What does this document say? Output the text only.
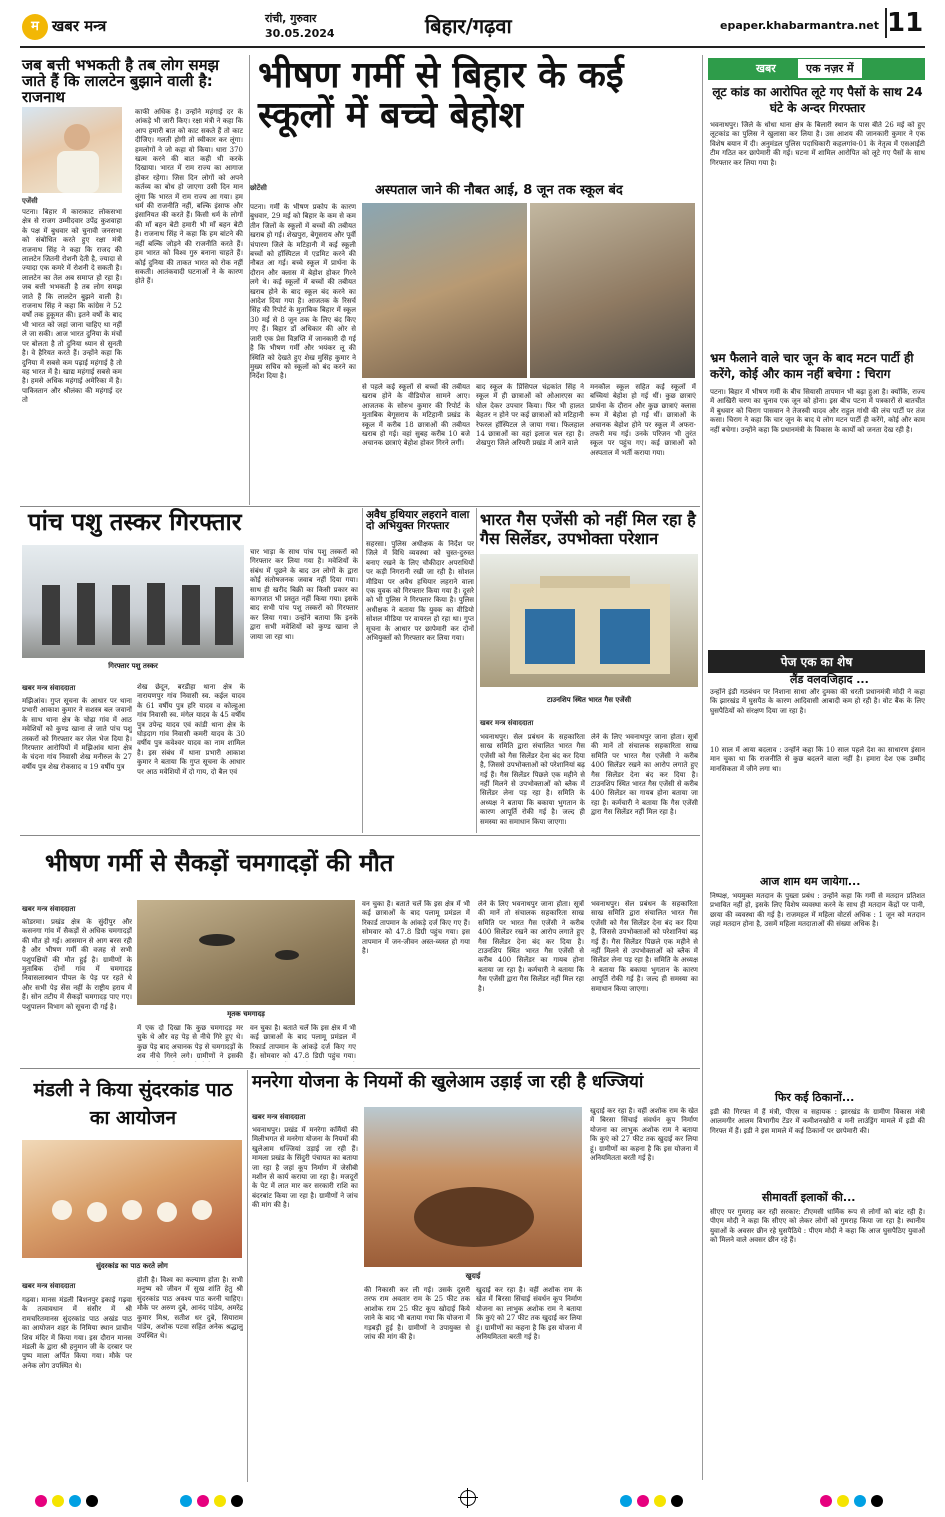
म खबर मन्त्र	रांची, गुरुवार
30.05.2024	बिहार/गढ़वा	epaper.khabarmantra.net 11
जब बत्ती भभकती है तब लोग समझ जाते हैं कि लालटेन बुझाने वाली है: राजनाथ
एजेंसी
पटना। बिहार में काराकाट लोकसभा क्षेत्र से राजग उम्मीदवार उपेंद्र कुशवाहा के पक्ष में बुधवार को चुनावी जनसभा को संबोधित करते हुए रक्षा मंत्री राजनाथ सिंह ने कहा कि राजद की लालटेन जितनी रोशनी देती है, ज्यादा से ज्यादा एक कमरे में रोशनी दे सकती है। लालटेन का तेल अब समाप्त हो रहा है। जब बत्ती भभकती है तब लोग समझ जाते हैं कि लालटेन बुझने वाली है। राजनाथ सिंह ने कहा कि कांग्रेस ने 52 वर्षों तक हुकूमत की। इतने वर्षों के बाद भी भारत को जहां जाना चाहिए था नहीं ले जा सकी। आज भारत दुनिया के मंचों पर बोलता है तो दुनिया ध्यान से सुनती है। वे हैरियत करते हैं। उन्होंने कहा कि दुनिया में सबसे कम पढ़ाई महंगाई है तो वह भारत में है। खाद्य महंगाई सबसे कम है। हमसे अधिक महंगाई अमेरिका में है। पाकिस्तान और श्रीलंका की महंगाई दर तो
काफी अधिक है। उन्होंने महंगाई दर के आंकड़े भी जारी किए। रक्षा मंत्री ने कहा कि आप हमारी बात को काट सकते हैं तो काट दीजिए। गलती होगी तो स्वीकार कर लूंगा। हमलोगों ने जो कहा वो किया। धारा 370 खत्म करने की बात कही थी करके दिखाया। भारत में राम राज्य का आगाज होकर रहेगा। जिस दिन लोगों को अपने कर्तव्य का बोध हो जाएगा उसी दिन मान लूंगा कि भारत में राम राज्य आ गया। हम धर्म की राजनीति नहीं, बल्कि इंसाफ और इंसानियत की करते हैं। किसी धर्म के लोगों की माँ बहन बेटी हमारी भी माँ बहन बेटी है। राजनाथ सिंह ने कहा कि हम बांटने की नहीं बल्कि जोड़ने की राजनीति करते हैं। हम भारत को विश्व गुरु बनाना चाहते हैं। कोई दुनिया की ताकत भारत को रोक नहीं सकती। आतंकवादी घटनाओं ने के कारण होते हैं।
भीषण गर्मी से बिहार के कई स्कूलों में बच्चे बेहोश
अस्पताल जाने की नौबत आई, 8 जून तक स्कूल बंद
छोटेंसी
पटना। गर्मी के भीषण प्रकोप के कारण बुधवार, 29 मई को बिहार के कम से कम तीन जिलों के स्कूलों में बच्चों की तबीयत खराब हो गई। शेखपुरा, बेगूसराय और पूर्वी चंपारण जिले के मटिहानी में कई स्कूली बच्चों को हॉस्पिटल में एडमिट करने की नौबत आ गई। बच्चे स्कूल में प्रार्थना के दौरान और क्लास में बेहोश होकर गिरने लगे थे। कई स्कूलों में बच्चों की तबीयत खराब होने के बाद स्कूल बंद करने का आदेश दिया गया है। आजतक के रिसर्च सिंह की रिपोर्ट के मुताबिक बिहार में स्कूल 30 मई से 8 जून तक के लिए बंद किए गए हैं। बिहार डॉ अधिकार की ओर से जारी एक प्रेस विज्ञप्ति में जानकारी दी गई है कि भीषण गर्मी और भयंकर लू की स्थिति को देखते हुए शेख मुसिंह कुमार ने मुख्य सचिव को स्कूलों को बंद करने का निर्देश दिया है।
से पहले कई स्कूलों से बच्चों की तबीयत खराब होने के वीडियोज सामने आए। आजतक के सोरुभ कुमार की रिपोर्ट के मुताबिक बेगूसराय के मटिहानी प्रखंड के स्कूल में करीब 18 छात्राओं की तबीयत खराब हो गई। वहां सुबह करीब 10 बजे अचानक छात्राएं बेहोश होकर गिरने लगीं।
बाद स्कूल के प्रिंसिपल चंद्रकांत सिंह ने स्कूल में ही छात्राओं को ओआरएस का घोल देकर उपचार किया। फिर भी हालत बेहतर न होने पर कई छात्राओं को मटिहानी रेफरल हॉस्पिटल ले जाया गया। फिलहाल 14 छात्राओं का वहां इलाज चल रहा है। शेखपुरा जिले अरियरी प्रखंड में आने वाले
मनकौल स्कूल सहित कई स्कूलों में बच्चियां बेहोश हो गई थीं। कुछ छात्राएं प्रार्थना के दौरान और कुछ छात्राएं क्लास रूम में बेहोश हो गई थीं। छात्राओं के अचानक बेहोश होने पर स्कूल में अफरा-तफरी मच गई। उनके परिजन भी तुरंत स्कूल पर पहुंच गए। कई छात्राओं को अस्पताल में भर्ती कराया गया।
पांच पशु तस्कर गिरफ्तार
गिरफ्तार पशु तस्कर
खबर मन्त्र संवाददाता
मझिआंव। गुप्त सूचना के आधार पर थाना प्रभारी आकाश कुमार ने सशस्त्र बल जवानों के साथ थाना क्षेत्र के चोढ़ा गांव में आठ मवेशियों को कुण्ड खाना ले जाते पांच पशु तस्करों को गिरफ्तार कर जेल भेज दिया है। गिरफ्तार आरोपियों में मझिआंव थाना क्षेत्र के चंदना गांव निवासी शेख मनीरुल के 27 वर्षीय पुत्र शेख रोकसाद व 19 वर्षीय पुत्र
शेख छेदून, बरडीहा थाना क्षेत्र के नारायणपुर गांव निवासी स्व. कईल यादव के 61 वर्षीय पुत्र हरि यादव व कोल्हुआ गांव निवासी स्व. मंगेल यादव के 45 वर्षीय पुत्र उपेन्द्र यादव एवं कांडी थाना क्षेत्र के घोड़दाग गांव निवासी कमरी यादव के 30 वर्षीय पुत्र कवेश्वर यादव का नाम शामिल है। इस संबंध में थाना प्रभारी आकाश कुमार ने बताया कि गुप्त सूचना के आधार पर आठ मवेशियों में दो गाय, दो बैल एवं
चार भाड़ा के साथ पांच पशु तस्करों को गिरफ्तार कर लिया गया है। मवेशियों के संबंध में पूछने के बाद उन लोगों के द्वारा कोई संतोषजनक जवाब नहीं दिया गया। साथ ही खरीद बिक्री का किसी प्रकार का कागजात भी प्रस्तुत नहीं किया गया। इसके बाद सभी पांच पशु तस्करों को गिरफ्तार कर लिया गया। उन्होंने बताया कि इनके द्वारा सभी मवेशियों को कुण्ड खाना ले जाया जा रहा था।
अवैध हथियार लहराने वाला दो अभियुक्त गिरफ्तार
सहरसा। पुलिस अधीक्षक के निर्देश पर जिले में विधि व्यवस्था को चुस्त-दुरुस्त बनाए रखने के लिए चौकीदार अपराधियों पर कड़ी निगरानी रखी जा रही है। सोशल मीडिया पर अवैध हथियार लहराने वाला एक युवक को गिरफ्तार किया गया है। दूसरे को भी पुलिस ने गिरफ्तार किया है। पुलिस अधीक्षक ने बताया कि युवक का वीडियो सोशल मीडिया पर वायरल हो रहा था। गुप्त सूचना के आधार पर छापेमारी कर दोनों अभियुक्तों को गिरफ्तार कर लिया गया।
भारत गैस एजेंसी को नहीं मिल रहा है गैस सिलेंडर, उपभोक्ता परेशान
टाउनशिप स्थित भारत गैस एजेंसी
खबर मन्त्र संवाददाता
भवनाथपुर। सेल प्रबंधन के सहकारिता साख समिति द्वारा संचालित भारत गैस एजेंसी को गैस सिलेंडर देना बंद कर दिया है, जिससे उपभोक्ताओं को परेशानियां बढ़ गई हैं। गैस सिलेंडर पिछले एक महीने से नहीं मिलने से उपभोक्ताओं को ब्लैक में सिलेंडर लेना पड़ रहा है। समिति के अध्यक्ष ने बताया कि बकाया भुगतान के कारण आपूर्ति रोकी गई है। जल्द ही समस्या का समाधान किया जाएगा।
लेने के लिए भवनाथपुर जाना होता। सूत्रों की मानें तो संचालक सहकारिता साख समिति पर भारत गैस एजेंसी ने करीब 400 सिलेंडर रखने का आरोप लगाते हुए गैस सिलेंडर देना बंद कर दिया है। टाउनशिप स्थित भारत गैस एजेंसी से करीब 400 सिलेंडर का गायब होना बताया जा रहा है। कर्मचारी ने बताया कि गैस एजेंसी द्वारा गैस सिलेंडर नहीं मिल रहा है।
भीषण गर्मी से सैकड़ों चमगादड़ों की मौत
खबर मन्त्र संवाददाता
कोडरमा। प्रखंड क्षेत्र के सुंदीपुर और कसनगा गांव में सैकड़ों से अधिक चमगादड़ों की मौत हो गई। आसमान से आग बरस रही है और भीषण गर्मी की वजह से सभी पशुपक्षियों की मौत हुई है। ग्रामीणों के मुताबिक दोनों गांव में चमगादड़ निवासलास्थान पीपल के पेड़ पर रहते थे और सभी पेड़ सेंस नहीं के राष्ट्रीय हराय में हैं। सोन तटीय में सैकड़ों चमगादड़ पाए गए। पशुपालन विभाग को सूचना दी गई है।
मृतक चमगादड़
में एक दो दिखा कि कुछ चमगादड़ मर चुके थे और वह पेड़ से नीचे गिरे हुए थे। कुछ पेड़ बाद अचानक पेड़ से चमगादड़ों के शव नीचे गिरने लगे। ग्रामीणों ने इसकी
वन चुका है। बताते चलें कि इस क्षेत्र में भी कई छात्राओं के बाद पलामू प्रमंडल में रिकार्ड तापमान के आंकड़े दर्ज किए गए हैं। सोमवार को 47.8 डिग्री पहुंच गया।
वन चुका है। बताते चलें कि इस क्षेत्र में भी कई छात्राओं के बाद पलामू प्रमंडल में रिकार्ड तापमान के आंकड़े दर्ज किए गए हैं। सोमवार को 47.8 डिग्री पहुंच गया। इस तापमान में जन-जीवन अस्त-व्यस्त हो गया है।
लेने के लिए भवनाथपुर जाना होता। सूत्रों की मानें तो संचालक सहकारिता साख समिति पर भारत गैस एजेंसी ने करीब 400 सिलेंडर रखने का आरोप लगाते हुए गैस सिलेंडर देना बंद कर दिया है। टाउनशिप स्थित भारत गैस एजेंसी से करीब 400 सिलेंडर का गायब होना बताया जा रहा है। कर्मचारी ने बताया कि गैस एजेंसी द्वारा गैस सिलेंडर नहीं मिल रहा है।
भवनाथपुर। सेल प्रबंधन के सहकारिता साख समिति द्वारा संचालित भारत गैस एजेंसी को गैस सिलेंडर देना बंद कर दिया है, जिससे उपभोक्ताओं को परेशानियां बढ़ गई हैं। गैस सिलेंडर पिछले एक महीने से नहीं मिलने से उपभोक्ताओं को ब्लैक में सिलेंडर लेना पड़ रहा है। समिति के अध्यक्ष ने बताया कि बकाया भुगतान के कारण आपूर्ति रोकी गई है। जल्द ही समस्या का समाधान किया जाएगा।
मंडली ने किया सुंदरकांड पाठ का आयोजन
सुंदरकांड का पाठ करते लोग
खबर मन्त्र संवाददाता
गढ़वा। मानस मंडली बिशनपुर इकाई गढ़वा के तत्वावधान में संसीर में श्री रामचरितमानस सुंदरकांड पाठ अखंड पाठ का आयोजन शहर के निमिया स्थान प्राचीन शिव मंदिर में किया गया। इस दौरान मानस मंडली के द्वारा श्री हनुमान जी के दरबार पर पुष्प माला अर्पित किया गया। मौके पर अनेक लोग उपस्थित थे।
होती है। विश्व का कल्याण होता है। सभी मनुष्य को जीवन में सुख शांति हेतु श्री सुंदरकांड पाठ अवश्य पाठ करनी चाहिए। मौके पर अरुण दुबे, आनंद पांडेय, अमरेंद्र कुमार मिश्र, सतीश धर दुबे, सियाराम पांडेय, अशोक पटवा सहित अनेक श्रद्धालु उपस्थित थे।
मनरेगा योजना के नियमों की खुलेआम उड़ाई जा रही है धज्जियां
खबर मन्त्र संवाददाता
भवनाथपुर। प्रखंड में मनरेगा कर्मियों की मिलीभगत से मनरेगा योजना के नियमों की खुलेआम धज्जियां उड़ाई जा रही हैं। मामला प्रखंड के सिंदुरी पंचायत का बताया जा रहा है जहां कूप निर्माण में जेसीबी मशीन से कार्य कराया जा रहा है। मजदूरों के पेट में लात मार कर सरकारी राशि का बंदरबांट किया जा रहा है। ग्रामीणों ने जांच की मांग की है।
खुदाई
की निकासी कर ली गई। उसके दूसरी तरफ राम अवतार राम के 25 फीट तक आशोक राम 25 फीट कूप खोदाई किये जाने के बाद भी बताया गया कि योजना में गड़बड़ी हुई है। ग्रामीणों ने उपायुक्त से जांच की मांग की है।
खुदाई कर रहा है। वहीं अशोक राम के खेत में बिरसा सिंचाई संवर्धन कूप निर्माण योजना का लाभुक अशोक राम ने बताया कि कुएं को 27 फीट तक खुदाई कर लिया हूं। ग्रामीणों का कहना है कि इस योजना में अनियमितता बरती गई है।
खुदाई कर रहा है। वहीं अशोक राम के खेत में बिरसा सिंचाई संवर्धन कूप निर्माण योजना का लाभुक अशोक राम ने बताया कि कुएं को 27 फीट तक खुदाई कर लिया हूं। ग्रामीणों का कहना है कि इस योजना में अनियमितता बरती गई है।
खबर	एक नज़र में
लूट कांड का आरोपित लूटे गए पैसों के साथ 24 घंटे के अन्दर गिरफ्तार
भवनाथपुर। जिले के धोधा थाना क्षेत्र के बिलारी स्थान के पास बीते 26 मई को हुए लूटकांड का पुलिस ने खुलासा कर लिया है। उस आशय की जानकारी कुमार ने एक विशेष बयान में दी। अनुमंडल पुलिस पदाधिकारी कहलगांव-01 के नेतृत्व में एसआईटी टीम गठित कर छापेमारी की गई। घटना में शामिल आरोपित को लूटे गए पैसों के साथ गिरफ्तार कर लिया गया है।
भ्रम फैलाने वाले चार जून के बाद मटन पार्टी ही करेंगे, कोई और काम नहीं बचेगा : चिराग
पटना। बिहार में भीषण गर्मी के बीच सियासी तापमान भी बढ़ा हुआ है। क्योंकि, राज्य में आखिरी चरण का चुनाव एक जून को होना। इस बीच पटना में पत्रकारों से बातचीत में बुधवार को चिराग पासवान ने तेजस्वी यादव और राहुल गांधी की लंच पार्टी पर तंज कसा। चिराग ने कहा कि चार जून के बाद ये लोग मटन पार्टी ही करेंगे, कोई और काम नहीं बचेगा। उन्होंने कहा कि प्रधानमंत्री के विकास के कार्यों को जनता देख रही है।
पेज एक का शेष
लैंड वलवजिहाद ...
उन्होंने इंडी गठबंधन पर निशाना साधा और दुमका की धरती प्रधानमंत्री मोदी ने कहा कि झारखंड में घुसपैठ के कारण आदिवासी आबादी कम हो रही है। वोट बैंक के लिए घुसपैठियों को संरक्षण दिया जा रहा है।
10 साल में आया बदलाव : उन्होंने कहा कि 10 साल पहले देश का साधारण इंसान मान चुका था कि राजनीति से कुछ बदलने वाला नहीं है। हमारा देश एक उम्मीद मानसिकता में जीने लगा था।
आज शाम थम जायेगा...
निष्पक्ष, भयमुक्त मतदान के पुख्ता प्रबंध : उन्होंने कहा कि गर्मी से मतदान प्रतिशत प्रभावित नहीं हो, इसके लिए विशेष व्यवस्था करने के साथ ही मतदान केंद्रों पर पानी, छाया की व्यवस्था की गई है। राजमहल में महिला वोटर्स अधिक : 1 जून को मतदान जहां मतदान होना है, उसमें महिला मतदाताओं की संख्या अधिक है।
फिर कई ठिकानों...
इडी की गिरफ्त में हैं मंत्री, पीएस व सहायक : झारखंड के ग्रामीण विकास मंत्री आलमगीर आलम विभागीय टेंडर में कमीशनखोरी व मनी लाउंड्रिंग मामले में इडी की गिरफ्त में हैं। इडी ने इस मामले में कई ठिकानों पर छापेमारी की।
सीमावर्ती इलाकों की...
सीएए पर गुमराह कर रही सरकार: टीएमसी धार्मिक रूप से लोगों को बांट रही है। पीएम मोदी ने कहा कि सीएए को लेकर लोगों को गुमराह किया जा रहा है। स्थानीय युवाओं के अवसर छीन रहे घुसपैठिये : पीएम मोदी ने कहा कि आज घुसपैठिए युवाओं को मिलने वाले अवसर छीन रहे हैं।
